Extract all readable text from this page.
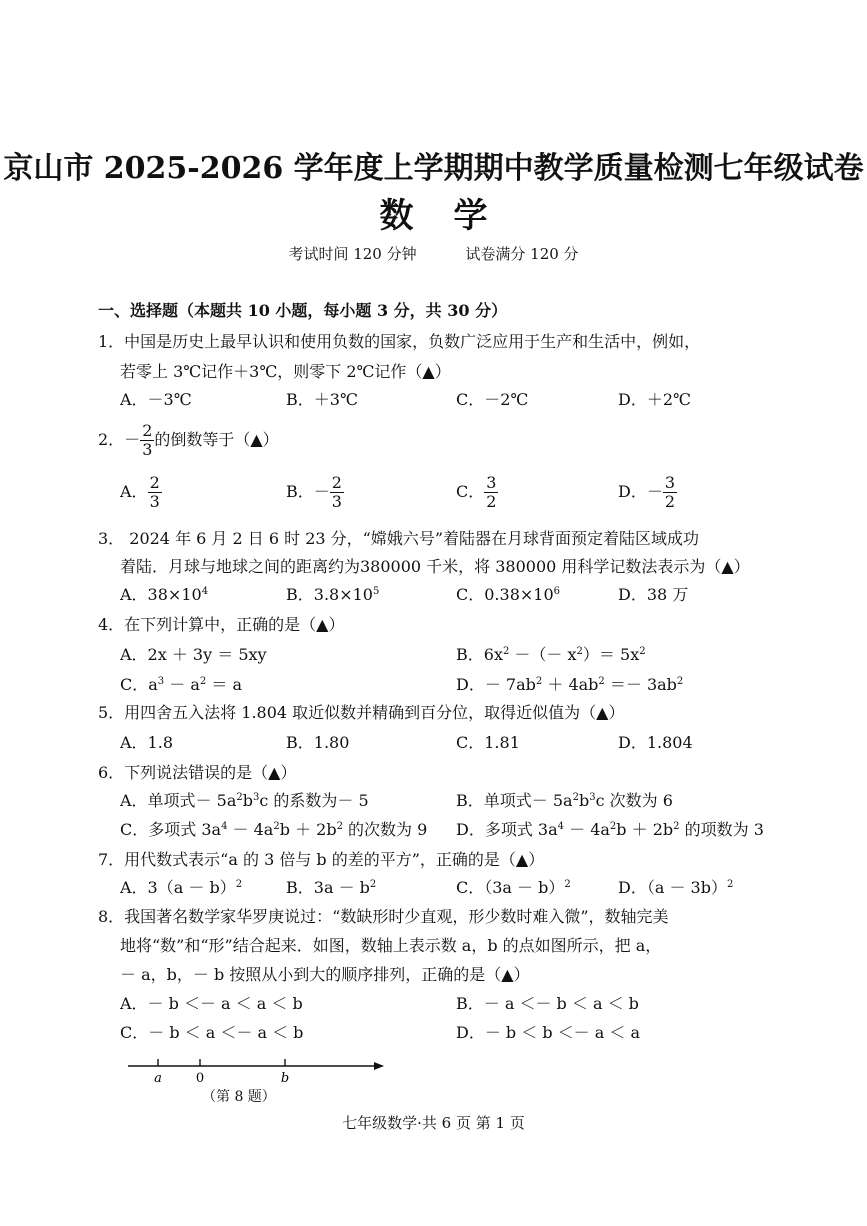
京山市 2025-2026 学年度上学期期中教学质量检测七年级试卷
数学
考试时间 120 分钟	试卷满分 120 分
一、选择题（本题共 10 小题，每小题 3 分，共 30 分）
1．中国是历史上最早认识和使用负数的国家，负数广泛应用于生产和生活中，例如，
若零上 3℃记作＋3℃，则零下 2℃记作（▲）
A．－3℃	B．＋3℃	C．－2℃	D．＋2℃
2．－ $\frac{2}{3}$ 的倒数等于（▲）
A． $\frac{2}{3}$	B．－ $\frac{2}{3}$	C． $\frac{3}{2}$	D．－ $\frac{3}{2}$
3． 2024 年 6 月 2 日 6 时 23 分，“嫦娥六号”着陆器在月球背面预定着陆区域成功
着陆．月球与地球之间的距离约为380000 千米，将 380000 用科学记数法表示为（▲）
A．$38\times 10^4$	B．$3.8\times 10^5$	C．$0.38\times 10^6$	D．38 万
4．在下列计算中，正确的是（▲）
A．2x ＋ 3y ＝ 5xy	B．$6x^2$ －（－ $x^2)= 5x^2$
C．$a^3 - a^2 = a$	D．－ $7ab^2 + 4ab^2 =- 3ab^2$
5．用四舍五入法将 1.804 取近似数并精确到百分位，取得近似值为（▲）
A．1.8	B．1.80	C．1.81	D．1.804
6．下列说法错误的是（▲）
A．单项式－ $5a^2b^3c$ 的系数为－ 5	B．单项式－ $5a^2b^3c$ 次数为 6
C．多项式 $3a^4 - 4a^2b + 2b^2$ 的次数为 9 D．多项式 $3a^4 - 4a^2b + 2b^2$ 的项数为 3
7．用代数式表示“a 的 3 倍与 b 的差的平方”，正确的是（▲）
A．$3(a - b)^2$	B．$3a - b^2$	C．$(3a - b)^2$	D．$(a - 3b)^2$
8．我国著名数学家华罗庚说过：“数缺形时少直观，形少数时难入微”，数轴完美
地将“数”和“形”结合起来．如图，数轴上表示数 a，b 的点如图所示，把 a，
－ a，b，－ b 按照从小到大的顺序排列，正确的是（▲）
A．－ b ＜－ a ＜ a ＜ b	B．－ a ＜－ b ＜ a ＜ b
C．－ b ＜ a ＜－ a ＜ b	D．－ b ＜ b ＜－ a ＜ a
a	0	b
（第 8 题）
七年级数学·共 6 页 第 1 页
